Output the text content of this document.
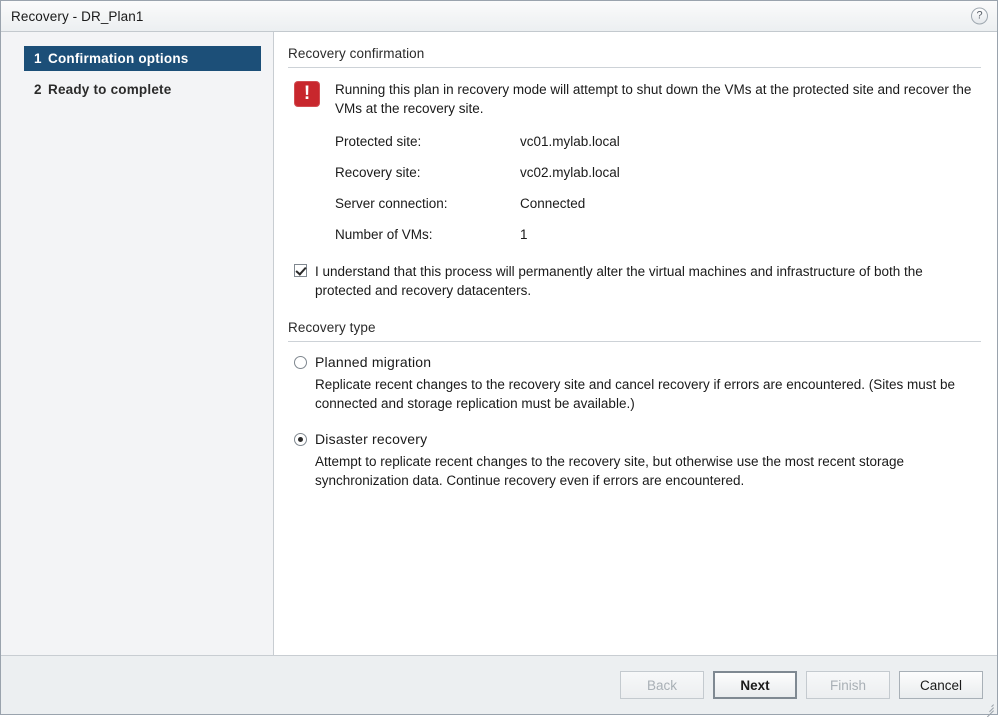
Recovery - DR_Plan1	?
1 Confirmation options
2 Ready to complete
Recovery confirmation
!	Running this plan in recovery mode will attempt to shut down the VMs at the protected site and recover the VMs at the recovery site.
Protected site:	vc01.mylab.local
Recovery site:	vc02.mylab.local
Server connection:	Connected
Number of VMs:	1
I understand that this process will permanently alter the virtual machines and infrastructure of both the protected and recovery datacenters.
Recovery type
Planned migration
Replicate recent changes to the recovery site and cancel recovery if errors are encountered. (Sites must be connected and storage replication must be available.)
Disaster recovery
Attempt to replicate recent changes to the recovery site, but otherwise use the most recent storage synchronization data. Continue recovery even if errors are encountered.
Back	Next	Finish	Cancel
